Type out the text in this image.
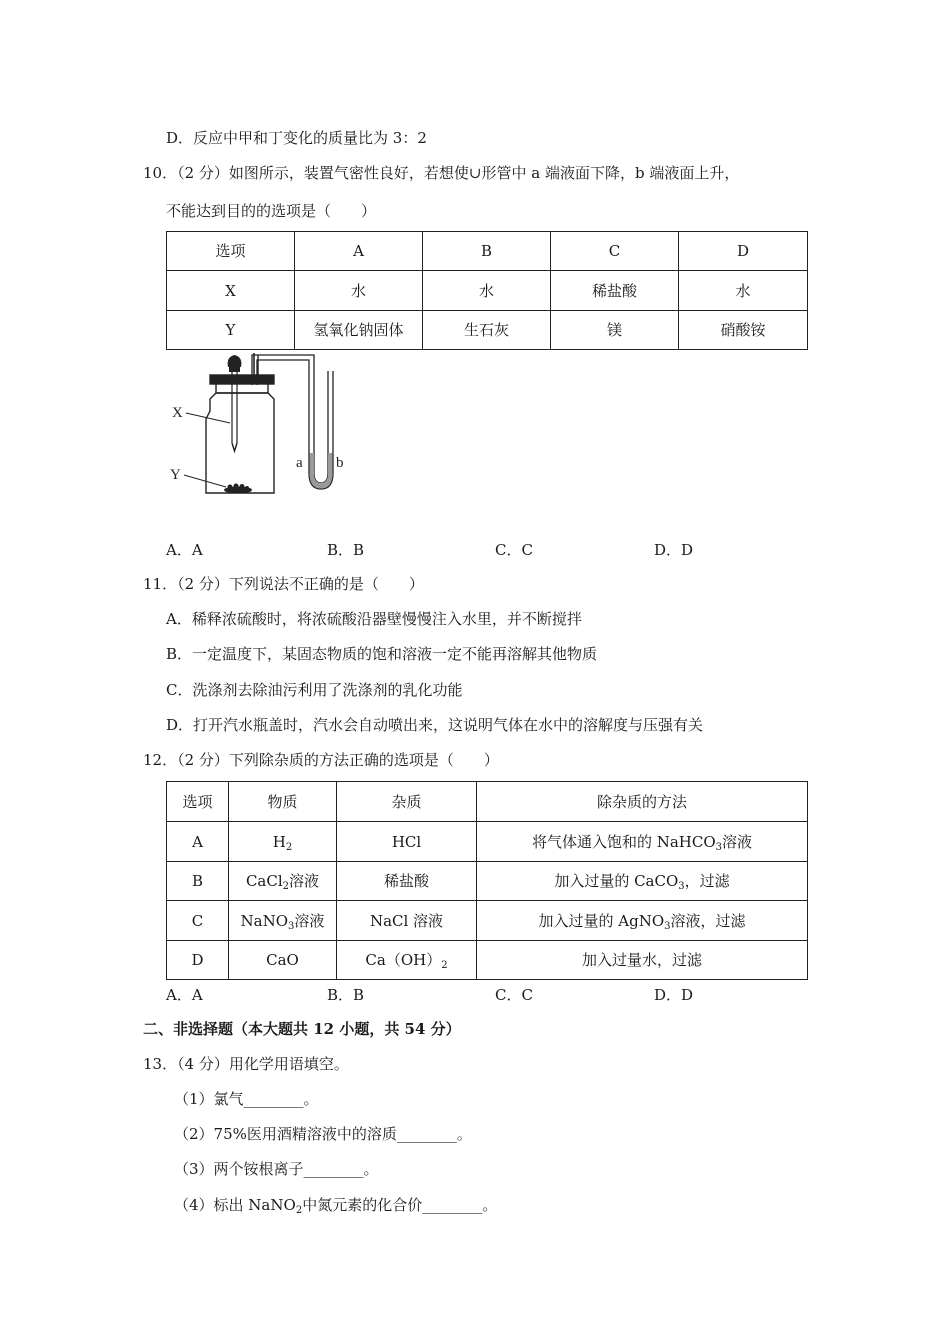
D．反应中甲和丁变化的质量比为 3：2
10．（2 分）如图所示，装置气密性良好，若想使∪形管中 a 端液面下降，b 端液面上升，
不能达到目的的选项是（　　）
选项	A	B	C	D
X	水	水	稀盐酸	水
Y	氢氧化钠固体	生石灰	镁	硝酸铵
X
Y
a b
A．A	B．B	C．C	D．D
11．（2 分）下列说法不正确的是（　　）
A．稀释浓硫酸时，将浓硫酸沿器壁慢慢注入水里，并不断搅拌
B．一定温度下，某固态物质的饱和溶液一定不能再溶解其他物质
C．洗涤剂去除油污利用了洗涤剂的乳化功能
D．打开汽水瓶盖时，汽水会自动喷出来，这说明气体在水中的溶解度与压强有关
12．（2 分）下列除杂质的方法正确的选项是（　　）
选项	物质	杂质	除杂质的方法
A	$H_2$	HCl	将气体通入饱和的 NaHCO$_3$溶液
B	CaCl$_2$溶液	稀盐酸	加入过量的 CaCO$_3$，过滤
C	NaNO$_3$溶液	NaCl 溶液	加入过量的 AgNO$_3$溶液，过滤
D	CaO	$Ca(OH)_2$	加入过量水，过滤
A．A	B．B	C．C	D．D
二、非选择题（本大题共 12 小题，共 54 分）
13．（4 分）用化学用语填空。
（1）氯气________。
（2）75%医用酒精溶液中的溶质________。
（3）两个铵根离子________。
（4）标出 NaNO$_2$中氮元素的化合价________。
